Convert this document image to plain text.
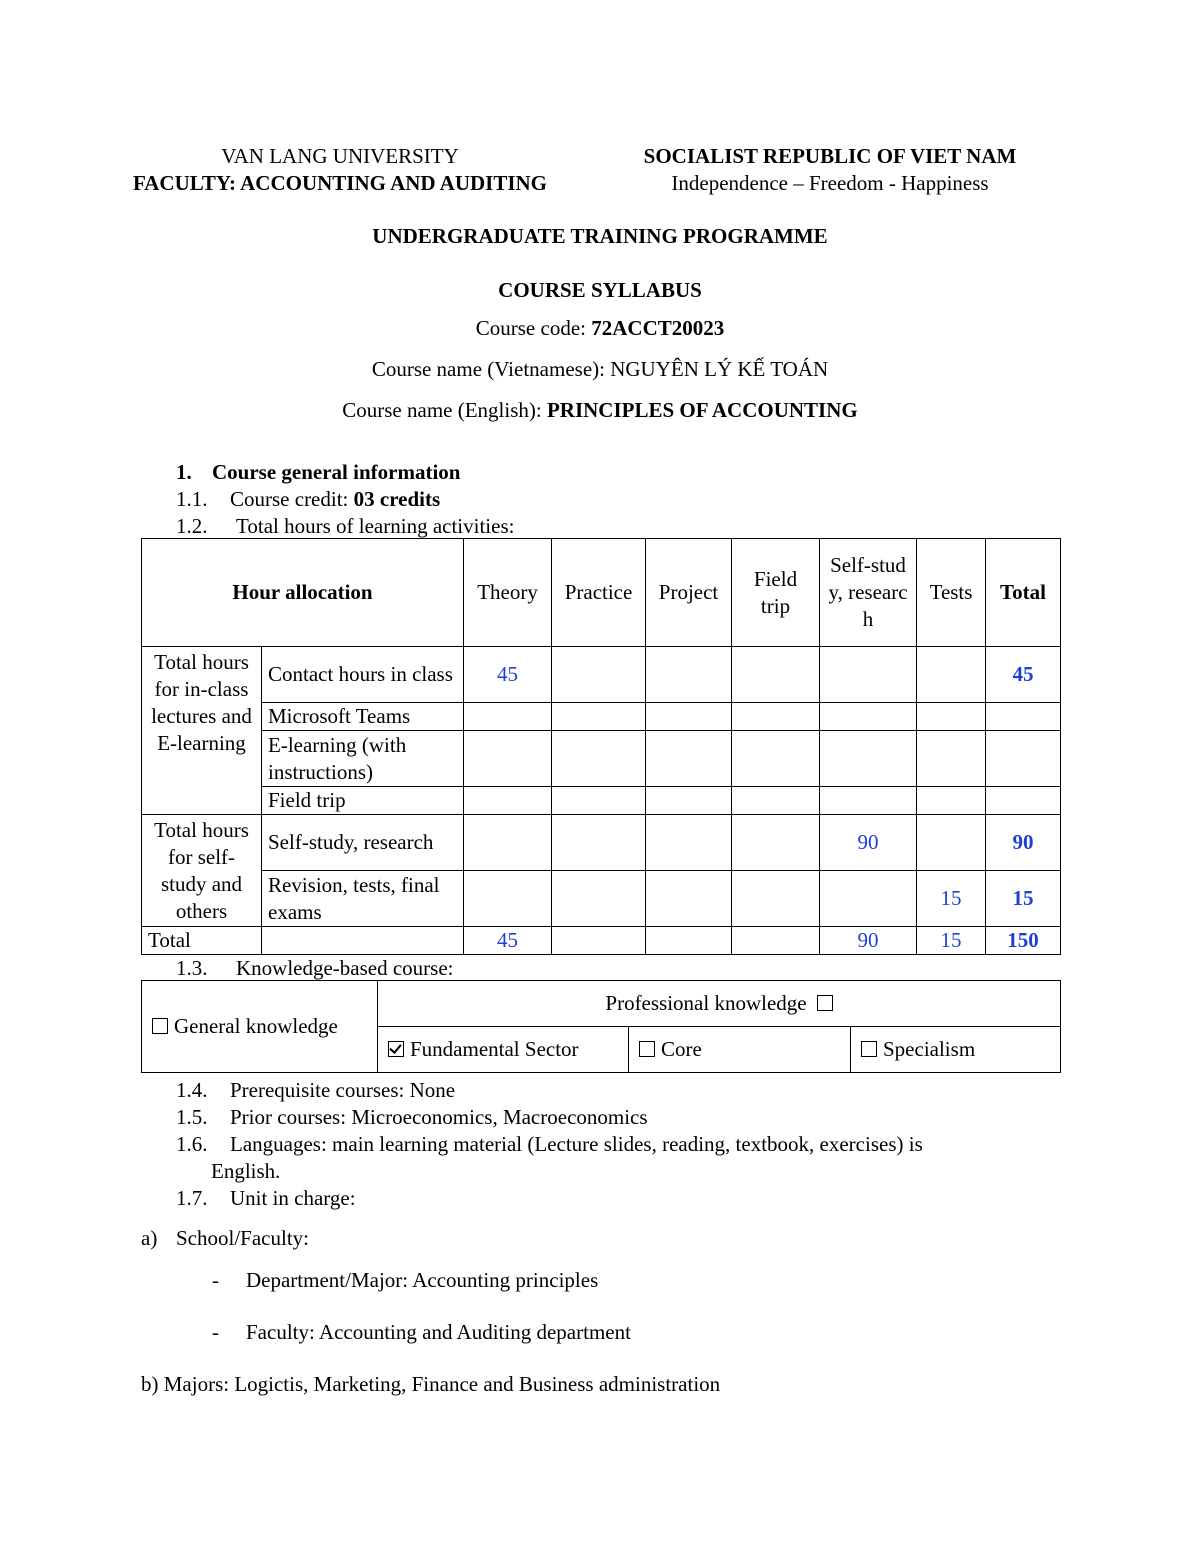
VAN LANG UNIVERSITY
FACULTY: ACCOUNTING AND AUDITING
SOCIALIST REPUBLIC OF VIET NAM
Independence – Freedom - Happiness
UNDERGRADUATE TRAINING PROGRAMME
COURSE SYLLABUS
Course code: 72ACCT20023
Course name (Vietnamese): NGUYÊN LÝ KẾ TOÁN
Course name (English): PRINCIPLES OF ACCOUNTING
1. Course general information
1.1. Course credit: 03 credits
1.2. Total hours of learning activities:
Hour allocation		Theory	Practice	Project	Field trip	Self-study, research	Tests	Total
Total hours for in-class lectures and E-learning	Contact hours in class	45						45
	Microsoft Teams							
	E-learning (with instructions)							
	Field trip							
Total hours for self-study and others	Self-study, research					90		90
	Revision, tests, final exams						15	15
Total		45				90	15	150
1.3. Knowledge-based course:
General knowledge	Professional knowledge		
	Fundamental Sector	Core	Specialism
1.4. Prerequisite courses: None
1.5. Prior courses: Microeconomics, Macroeconomics
1.6. Languages: main learning material (Lecture slides, reading, textbook, exercises) is
English.
1.7. Unit in charge:
a) School/Faculty:
- Department/Major: Accounting principles
- Faculty: Accounting and Auditing department
b) Majors: Logictis, Marketing, Finance and Business administration
